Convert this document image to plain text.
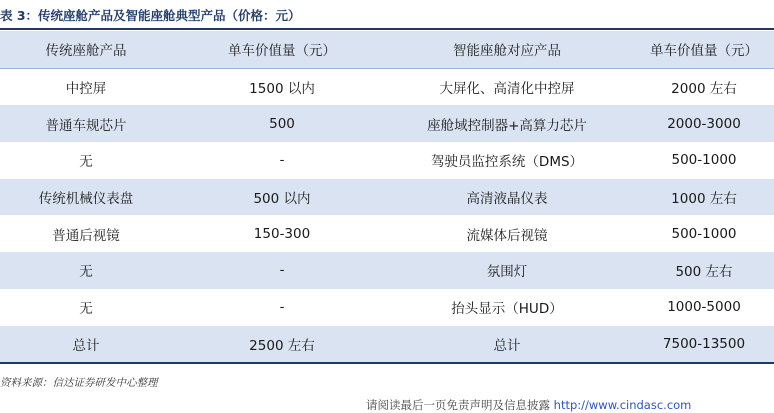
表 3：传统座舱产品及智能座舱典型产品（价格：元）
传统座舱产品	单车价值量（元）	智能座舱对应产品	单车价值量（元）
中控屏	1500 以内	大屏化、高清化中控屏	2000 左右
普通车规芯片	500	座舱域控制器+高算力芯片	2000-3000
无	-	驾驶员监控系统（DMS）	500-1000
传统机械仪表盘	500 以内	高清液晶仪表	1000 左右
普通后视镜	150-300	流媒体后视镜	500-1000
无	-	氛围灯	500 左右
无	-	抬头显示（HUD）	1000-5000
总计	2500 左右	总计	7500-13500
资料来源：信达证券研发中心整理
请阅读最后一页免责声明及信息披露 http://www.cindasc.com
